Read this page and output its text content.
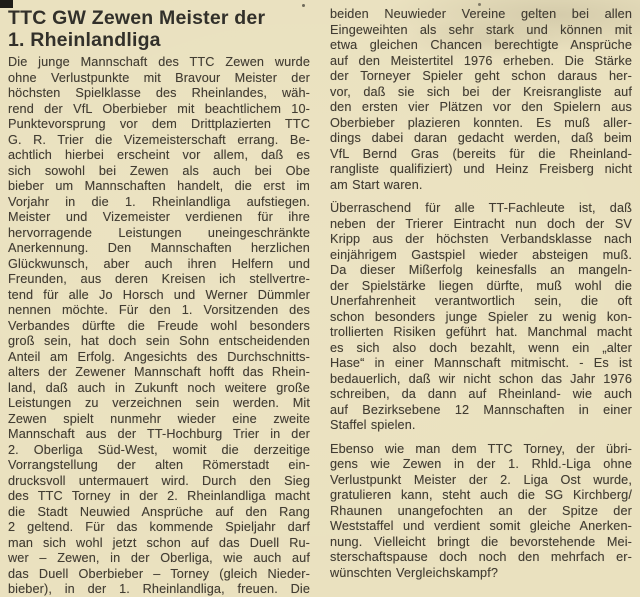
TTC GW Zewen Meister der
1. Rheinlandliga
Die junge Mannschaft des TTC Zewen wurde
ohne Verlustpunkte mit Bravour Meister der
höchsten Spielklasse des Rheinlandes, wäh-
rend der VfL Oberbieber mit beachtlichem 10-
Punktevorsprung vor dem Drittplazierten TTC
G. R. Trier die Vizemeisterschaft errang. Be-
achtlich hierbei erscheint vor allem, daß es
sich sowohl bei Zewen als auch bei Obe
bieber um Mannschaften handelt, die erst im
Vorjahr in die 1. Rheinlandliga aufstiegen.
Meister und Vizemeister verdienen für ihre
hervorragende Leistungen uneingeschränkte
Anerkennung. Den Mannschaften herzlichen
Glückwunsch, aber auch ihren Helfern und
Freunden, aus deren Kreisen ich stellvertre-
tend für alle Jo Horsch und Werner Dümmler
nennen möchte. Für den 1. Vorsitzenden des
Verbandes dürfte die Freude wohl besonders
groß sein, hat doch sein Sohn entscheidenden
Anteil am Erfolg. Angesichts des Durchschnitts-
alters der Zewener Mannschaft hofft das Rhein-
land, daß auch in Zukunft noch weitere große
Leistungen zu verzeichnen sein werden. Mit
Zewen spielt nunmehr wieder eine zweite
Mannschaft aus der TT-Hochburg Trier in der
2. Oberliga Süd-West, womit die derzeitige
Vorrangstellung der alten Römerstadt ein-
drucksvoll untermauert wird. Durch den Sieg
des TTC Torney in der 2. Rheinlandliga macht
die Stadt Neuwied Ansprüche auf den Rang
2 geltend. Für das kommende Spieljahr darf
man sich wohl jetzt schon auf das Duell Ru-
wer – Zewen, in der Oberliga, wie auch auf
das Duell Oberbieber – Torney (gleich Nieder-
bieber), in der 1. Rheinlandliga, freuen. Die
beiden Neuwieder Vereine gelten bei allen
Eingeweihten als sehr stark und können mit
etwa gleichen Chancen berechtigte Ansprüche
auf den Meistertitel 1976 erheben. Die Stärke
der Torneyer Spieler geht schon daraus her-
vor, daß sie sich bei der Kreisrangliste auf
den ersten vier Plätzen vor den Spielern aus
Oberbieber plazieren konnten. Es muß aller-
dings dabei daran gedacht werden, daß beim
VfL Bernd Gras (bereits für die Rheinland-
rangliste qualifiziert) und Heinz Freisberg nicht
am Start waren.
Überraschend für alle TT-Fachleute ist, daß
neben der Trierer Eintracht nun doch der SV
Kripp aus der höchsten Verbandsklasse nach
einjährigem Gastspiel wieder absteigen muß.
Da dieser Mißerfolg keinesfalls an mangeln-
der Spielstärke liegen dürfte, muß wohl die
Unerfahrenheit verantwortlich sein, die oft
schon besonders junge Spieler zu wenig kon-
trollierten Risiken geführt hat. Manchmal macht
es sich also doch bezahlt, wenn ein „alter
Hase“ in einer Mannschaft mitmischt. - Es ist
bedauerlich, daß wir nicht schon das Jahr 1976
schreiben, da dann auf Rheinland- wie auch
auf Bezirksebene 12 Mannschaften in einer
Staffel spielen.
Ebenso wie man dem TTC Torney, der übri-
gens wie Zewen in der 1. Rhld.-Liga ohne
Verlustpunkt Meister der 2. Liga Ost wurde,
gratulieren kann, steht auch die SG Kirchberg/
Rhaunen unangefochten an der Spitze der
Weststaffel und verdient somit gleiche Anerken-
nung. Vielleicht bringt die bevorstehende Mei-
sterschaftspause doch noch den mehrfach er-
wünschten Vergleichskampf?
